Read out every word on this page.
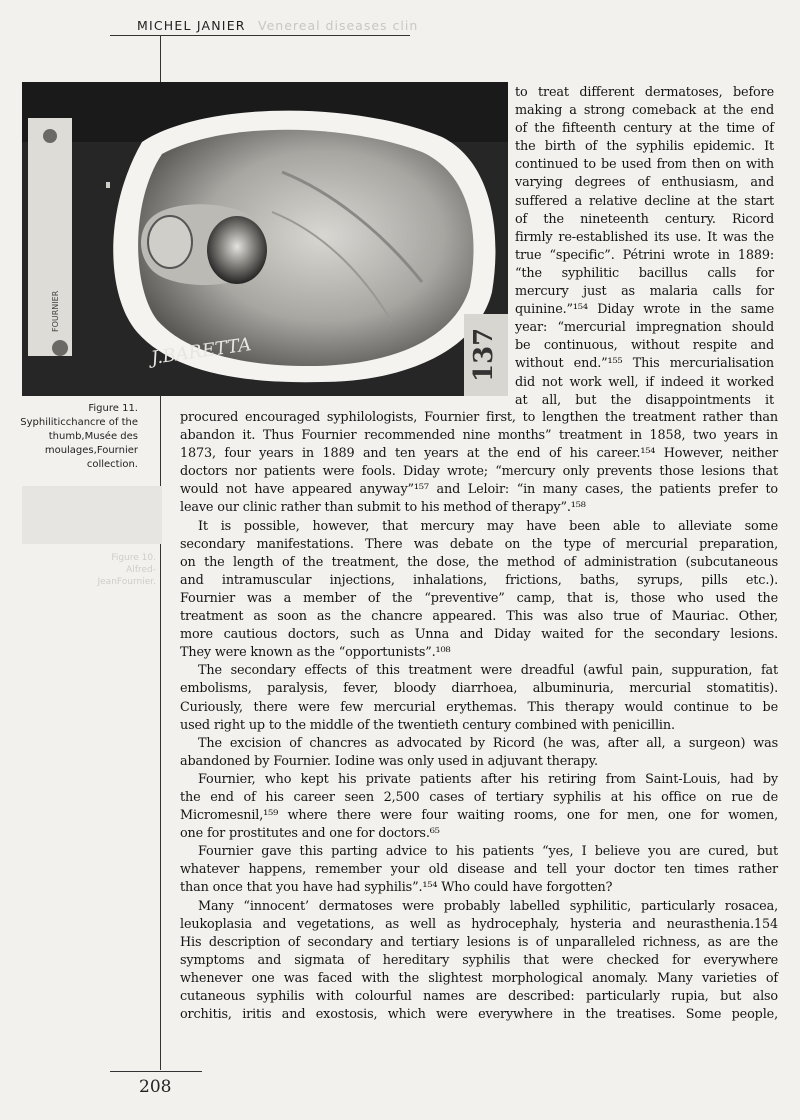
MICHEL JANIER Venereal diseases clin
FOURNIER
J.BARETTA	137
Figure 11. Syphiliticchancre of the thumb,Musée des moulages,Fournier collection.
Figure 10. Alfred-JeanFournier.
to treat different dermatoses, before
making a strong comeback at the end
of the fifteenth century at the time of
the birth of the syphilis epidemic. It
continued to be used from then on with
varying degrees of enthusiasm, and
suffered a relative decline at the start
of the nineteenth century. Ricord
firmly re-established its use. It was the
true “specific”. Pétrini wrote in 1889:
“the syphilitic bacillus calls for
mercury just as malaria calls for
quinine.”¹⁵⁴ Diday wrote in the same
year: “mercurial impregnation should
be continuous, without respite and
without end.”¹⁵⁵ This mercurialisation
did not work well, if indeed it worked
at all, but the disappointments it
procured encouraged syphilologists, Fournier first, to lengthen the treatment rather than
abandon it. Thus Fournier recommended nine months” treatment in 1858, two years in
1873, four years in 1889 and ten years at the end of his career.¹⁵⁴ However, neither
doctors nor patients were fools. Diday wrote; “mercury only prevents those lesions that
would not have appeared anyway”¹⁵⁷ and Leloir: “in many cases, the patients prefer to
leave our clinic rather than submit to his method of therapy”.¹⁵⁸
It is possible, however, that mercury may have been able to alleviate some
secondary manifestations. There was debate on the type of mercurial preparation,
on the length of the treatment, the dose, the method of administration (subcutaneous
and intramuscular injections, inhalations, frictions, baths, syrups, pills etc.).
Fournier was a member of the “preventive” camp, that is, those who used the
treatment as soon as the chancre appeared. This was also true of Mauriac. Other,
more cautious doctors, such as Unna and Diday waited for the secondary lesions.
They were known as the “opportunists”.¹⁰⁸
The secondary effects of this treatment were dreadful (awful pain, suppuration, fat
embolisms, paralysis, fever, bloody diarrhoea, albuminuria, mercurial stomatitis).
Curiously, there were few mercurial erythemas. This therapy would continue to be
used right up to the middle of the twentieth century combined with penicillin.
The excision of chancres as advocated by Ricord (he was, after all, a surgeon) was
abandoned by Fournier. Iodine was only used in adjuvant therapy.
Fournier, who kept his private patients after his retiring from Saint-Louis, had by
the end of his career seen 2,500 cases of tertiary syphilis at his office on rue de
Micromesnil,¹⁵⁹ where there were four waiting rooms, one for men, one for women,
one for prostitutes and one for doctors.⁶⁵
Fournier gave this parting advice to his patients “yes, I believe you are cured, but
whatever happens, remember your old disease and tell your doctor ten times rather
than once that you have had syphilis”.¹⁵⁴ Who could have forgotten?
Many “innocent’ dermatoses were probably labelled syphilitic, particularly rosacea,
leukoplasia and vegetations, as well as hydrocephaly, hysteria and neurasthenia.154
His description of secondary and tertiary lesions is of unparalleled richness, as are the
symptoms and sigmata of hereditary syphilis that were checked for everywhere
whenever one was faced with the slightest morphological anomaly. Many varieties of
cutaneous syphilis with colourful names are described: particularly rupia, but also
orchitis, iritis and exostosis, which were everywhere in the treatises. Some people,
208
